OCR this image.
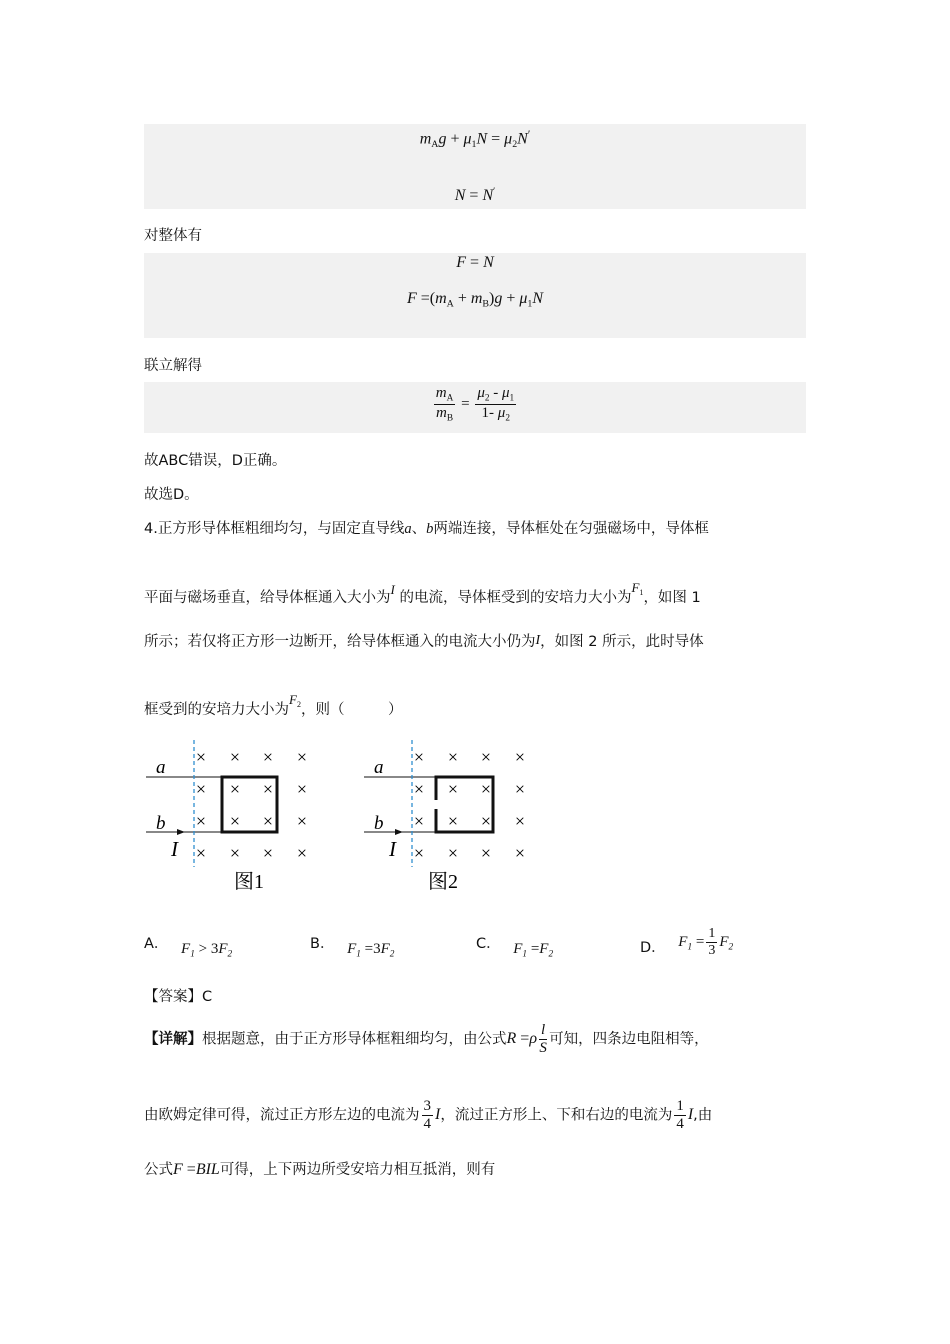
$m_Ag + \mu_1N = \mu_2N'$
N = N′
对整体有
F = N
$F =(m_A + m_B)g + \mu_1N$
联立解得
$\frac{m_A}{m_B} = \frac{\mu_2 - \mu_1}{1- \mu_2}$
故ABC错误，D正确。
故选D。
4.正方形导体框粗细均匀，与固定直导线a、b两端连接，导体框处在匀强磁场中，导体框
平面与磁场垂直，给导体框通入大小为I 的电流，导体框受到的安培力大小为$F_1$，如图 1
所示；若仅将正方形一边断开，给导体框通入的电流大小仍为I，如图 2 所示，此时导体
框受到的安培力大小为$F_2$，则（　　　）
a
b
I
× × × ×
× × × ×
× × × ×
× × × ×
图1
a
b
I
× × × ×
× × × ×
× × × ×
× × × ×
图2
A． $F_1 > 3F_2$
B． $F_1 =3F_2$
C． $F_1 =F_2$	D． $F_1 = \frac{1}{3} F_2$
【答案】C
【详解】根据题意，由于正方形导体框粗细均匀，由公式$R =\rho \frac{l}{S}$ 可知，四条边电阻相等，
由欧姆定律可得，流过正方形左边的电流为 $\frac{3}{4}$ I，流过正方形上、下和右边的电流为 $\frac{1}{4} I$,由
公式F =BIL可得，上下两边所受安培力相互抵消，则有
